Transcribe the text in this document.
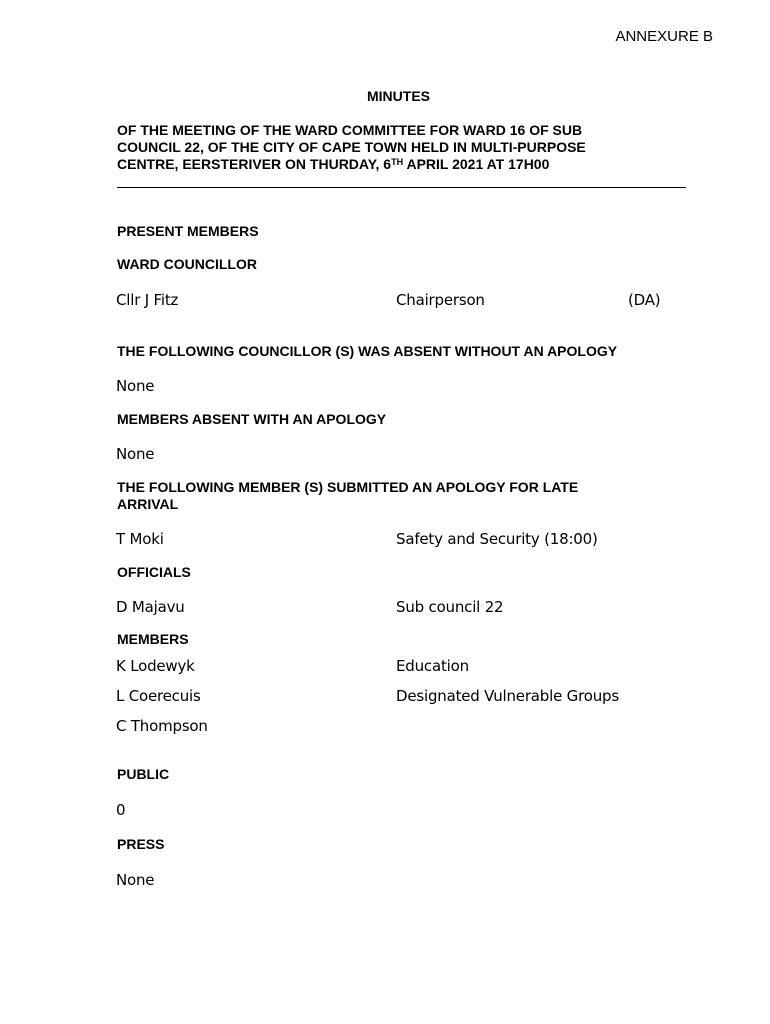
ANNEXURE B
MINUTES
OF THE MEETING OF THE WARD COMMITTEE FOR WARD 16 OF SUB
COUNCIL 22, OF THE CITY OF CAPE TOWN HELD IN MULTI-PURPOSE
CENTRE, EERSTERIVER ON THURDAY, 6TH APRIL 2021 AT 17H00
PRESENT MEMBERS
WARD COUNCILLOR
Cllr J Fitz	Chairperson	(DA)
THE FOLLOWING COUNCILLOR (S) WAS ABSENT WITHOUT AN APOLOGY
None
MEMBERS ABSENT WITH AN APOLOGY
None
THE FOLLOWING MEMBER (S) SUBMITTED AN APOLOGY FOR LATE
ARRIVAL
T Moki	Safety and Security (18:00)
OFFICIALS
D Majavu	Sub council 22
MEMBERS
K Lodewyk	Education
L Coerecuis	Designated Vulnerable Groups
C Thompson
PUBLIC
0
PRESS
None
